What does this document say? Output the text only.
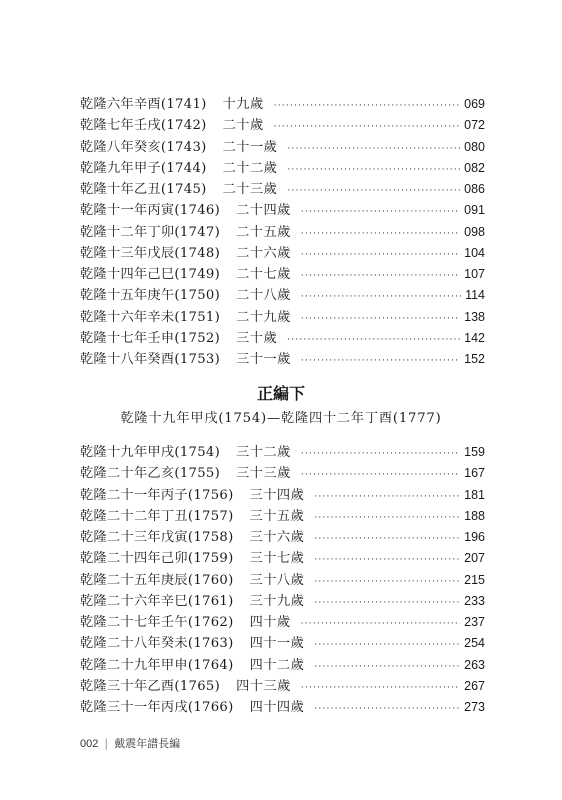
乾隆六年辛酉(1741) 十九歲 ·····	069
乾隆七年壬戌(1742) 二十歲 ·····	072
乾隆八年癸亥(1743) 二十一歲 ·····	080
乾隆九年甲子(1744) 二十二歲 ·····	082
乾隆十年乙丑(1745) 二十三歲 ·····	086
乾隆十一年丙寅(1746) 二十四歲 ·····	091
乾隆十二年丁卯(1747) 二十五歲 ·····	098
乾隆十三年戊辰(1748) 二十六歲 ·····	104
乾隆十四年己巳(1749) 二十七歲 ·····	107
乾隆十五年庚午(1750) 二十八歲 ·····	114
乾隆十六年辛未(1751) 二十九歲 ·····	138
乾隆十七年壬申(1752) 三十歲 ·····	142
乾隆十八年癸酉(1753) 三十一歲 ·····	152
正編下
乾隆十九年甲戌(1754)—乾隆四十二年丁酉(1777)
乾隆十九年甲戌(1754) 三十二歲 ·····	159
乾隆二十年乙亥(1755) 三十三歲 ·····	167
乾隆二十一年丙子(1756) 三十四歲 ·····	181
乾隆二十二年丁丑(1757) 三十五歲 ·····	188
乾隆二十三年戊寅(1758) 三十六歲 ·····	196
乾隆二十四年己卯(1759) 三十七歲 ·····	207
乾隆二十五年庚辰(1760) 三十八歲 ·····	215
乾隆二十六年辛巳(1761) 三十九歲 ·····	233
乾隆二十七年壬午(1762) 四十歲 ·····	237
乾隆二十八年癸未(1763) 四十一歲 ·····	254
乾隆二十九年甲申(1764) 四十二歲 ·····	263
乾隆三十年乙酉(1765) 四十三歲 ·····	267
乾隆三十一年丙戌(1766) 四十四歲 ·····	273
002 | 戴震年譜長編
